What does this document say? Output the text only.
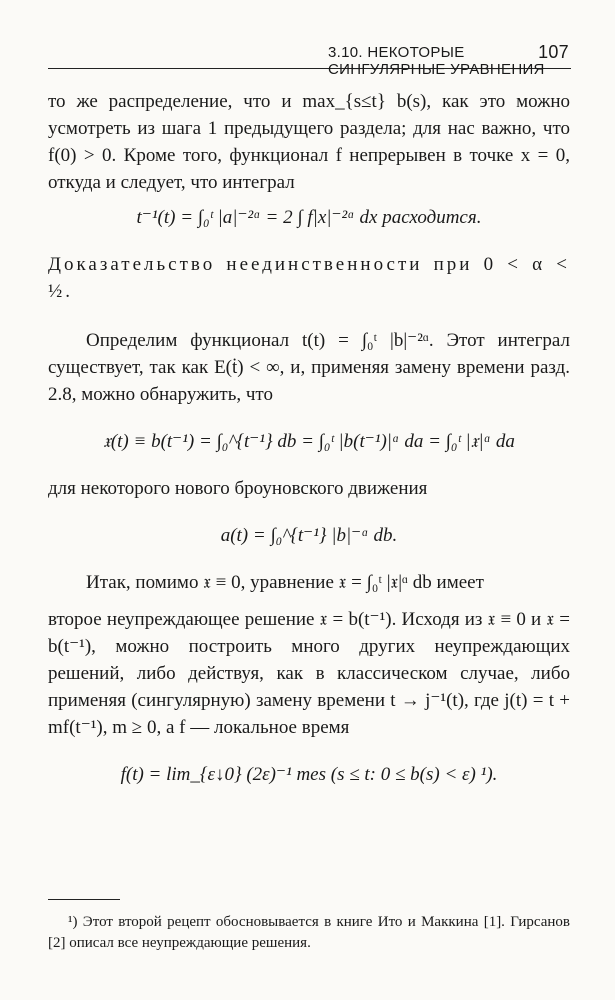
3.10. НЕКОТОРЫЕ СИНГУЛЯРНЫЕ УРАВНЕНИЯ
107

то же распределение, что и max_{s≤t} b(s), как это можно усмотреть из шага 1 предыдущего раздела; для нас важно, что f(0) > 0. Кроме того, функционал f непрерывен в точке x = 0, откуда и следует, что интеграл

t⁻¹(t) = ∫₀ᵗ |a|⁻²ᵅ = 2 ∫ f|x|⁻²ᵅ dx расходится.

Доказательство неединственности при 0 < α < ½.

Определим функционал t(t) = ∫₀ᵗ |b|⁻²ᵅ. Этот интеграл существует, так как E(ṫ) < ∞, и, применяя замену времени разд. 2.8, можно обнаружить, что

𝔵(t) ≡ b(t⁻¹) = ∫₀^{t⁻¹} db = ∫₀ᵗ |b(t⁻¹)|ᵅ da = ∫₀ᵗ |𝔵|ᵅ da

для некоторого нового броуновского движения

a(t) = ∫₀^{t⁻¹} |b|⁻ᵅ db.

Итак, помимо 𝔵 ≡ 0, уравнение 𝔵 = ∫₀ᵗ |𝔵|ᵅ db имеет

второе неупреждающее решение 𝔵 = b(t⁻¹). Исходя из 𝔵 ≡ 0 и 𝔵 = b(t⁻¹), можно построить много других неупреждающих решений, либо действуя, как в классическом случае, либо применяя (сингулярную) замену времени t → j⁻¹(t), где j(t) = t + mf(t⁻¹), m ≥ 0, а f — локальное время

f(t) = lim_{ε↓0} (2ε)⁻¹ mes (s ≤ t: 0 ≤ b(s) < ε) ¹).

¹) Этот второй рецепт обосновывается в книге Ито и Маккина [1]. Гирсанов [2] описал все неупреждающие решения.
